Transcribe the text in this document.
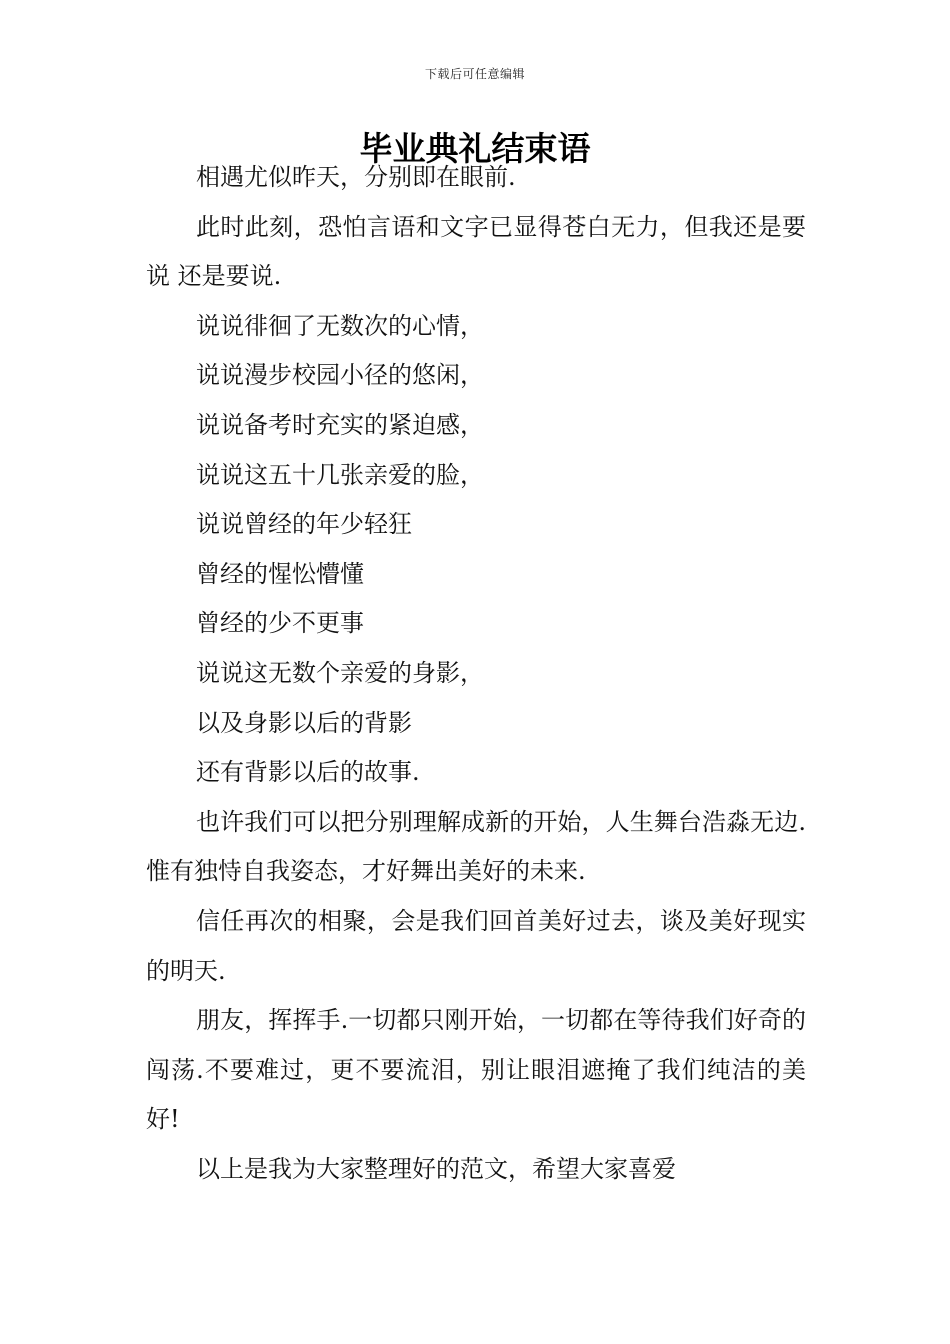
下载后可任意编辑
毕业典礼结束语

相遇尤似昨天，分别即在眼前.

此时此刻，恐怕言语和文字已显得苍白无力，但我还是要说 还是要说.

说说徘徊了无数次的心情，

说说漫步校园小径的悠闲，

说说备考时充实的紧迫感，

说说这五十几张亲爱的脸，

说说曾经的年少轻狂

曾经的惺忪懵懂

曾经的少不更事

说说这无数个亲爱的身影，

以及身影以后的背影

还有背影以后的故事.

也许我们可以把分别理解成新的开始，人生舞台浩淼无边.惟有独恃自我姿态，才好舞出美好的未来.

信任再次的相聚，会是我们回首美好过去，谈及美好现实的明天.

朋友，挥挥手.一切都只刚开始，一切都在等待我们好奇的闯荡.不要难过，更不要流泪，别让眼泪遮掩了我们纯洁的美好!

以上是我为大家整理好的范文，希望大家喜爱
